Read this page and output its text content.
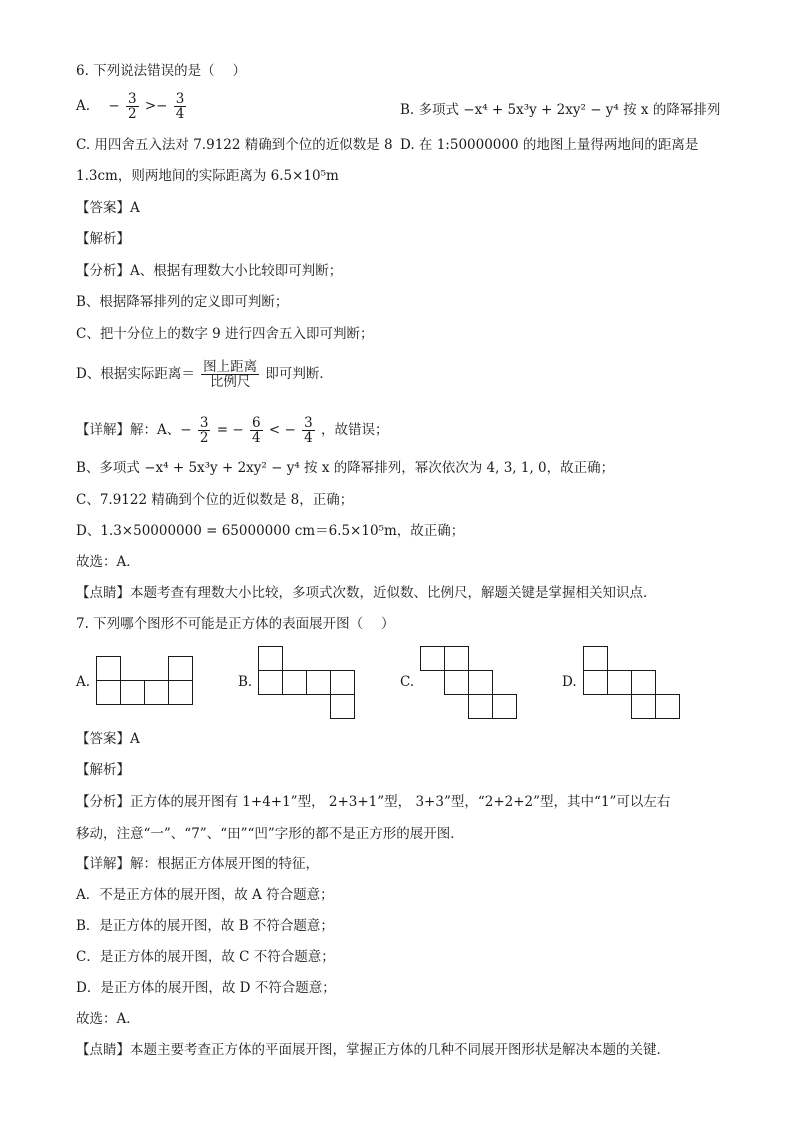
6. 下列说法错误的是（　 ）
A. − $\frac{3}{2} >- \frac{3}{4}$	B. 多项式 −x⁴ + 5x³y + 2xy² − y⁴ 按 x 的降幂排列
C. 用四舍五入法对 7.9122 精确到个位的近似数是 8 D. 在 1:50000000 的地图上量得两地间的距离是
1.3cm，则两地间的实际距离为 6.5×10⁵m
【答案】A
【解析】
【分析】A、根据有理数大小比较即可判断；
B、根据降幂排列的定义即可判断；
C、把十分位上的数字 9 进行四舍五入即可判断；
D、根据实际距离＝ $\frac{\text{图上距离}}{\text{比例尺}}$ 即可判断．
【详解】解：A、− $\frac{3}{2}$ = − $\frac{6}{4}$ < − $\frac{3}{4}$ ，故错误；
B、多项式 −x⁴ + 5x³y + 2xy² − y⁴ 按 x 的降幂排列，幂次依次为 4, 3, 1, 0，故正确；
C、7.9122 精确到个位的近似数是 8，正确；
D、1.3×50000000 = 65000000 cm＝6.5×10⁵m，故正确；
故选：A．
【点睛】本题考查有理数大小比较，多项式次数，近似数、比例尺，解题关键是掌握相关知识点．
7. 下列哪个图形不可能是正方体的表面展开图（　 ）
A.	B.	C.	D.
【答案】A
【解析】
【分析】正方体的展开图有 1+4+1”型， 2+3+1”型， 3+3”型，“2+2+2”型，其中“1”可以左右
移动，注意“一”、“7”、“田”“凹”字形的都不是正方形的展开图．
【详解】解：根据正方体展开图的特征，
A．不是正方体的展开图，故 A 符合题意；
B．是正方体的展开图，故 B 不符合题意；
C．是正方体的展开图，故 C 不符合题意；
D．是正方体的展开图，故 D 不符合题意；
故选：A．
【点睛】本题主要考查正方体的平面展开图，掌握正方体的几种不同展开图形状是解决本题的关键．
